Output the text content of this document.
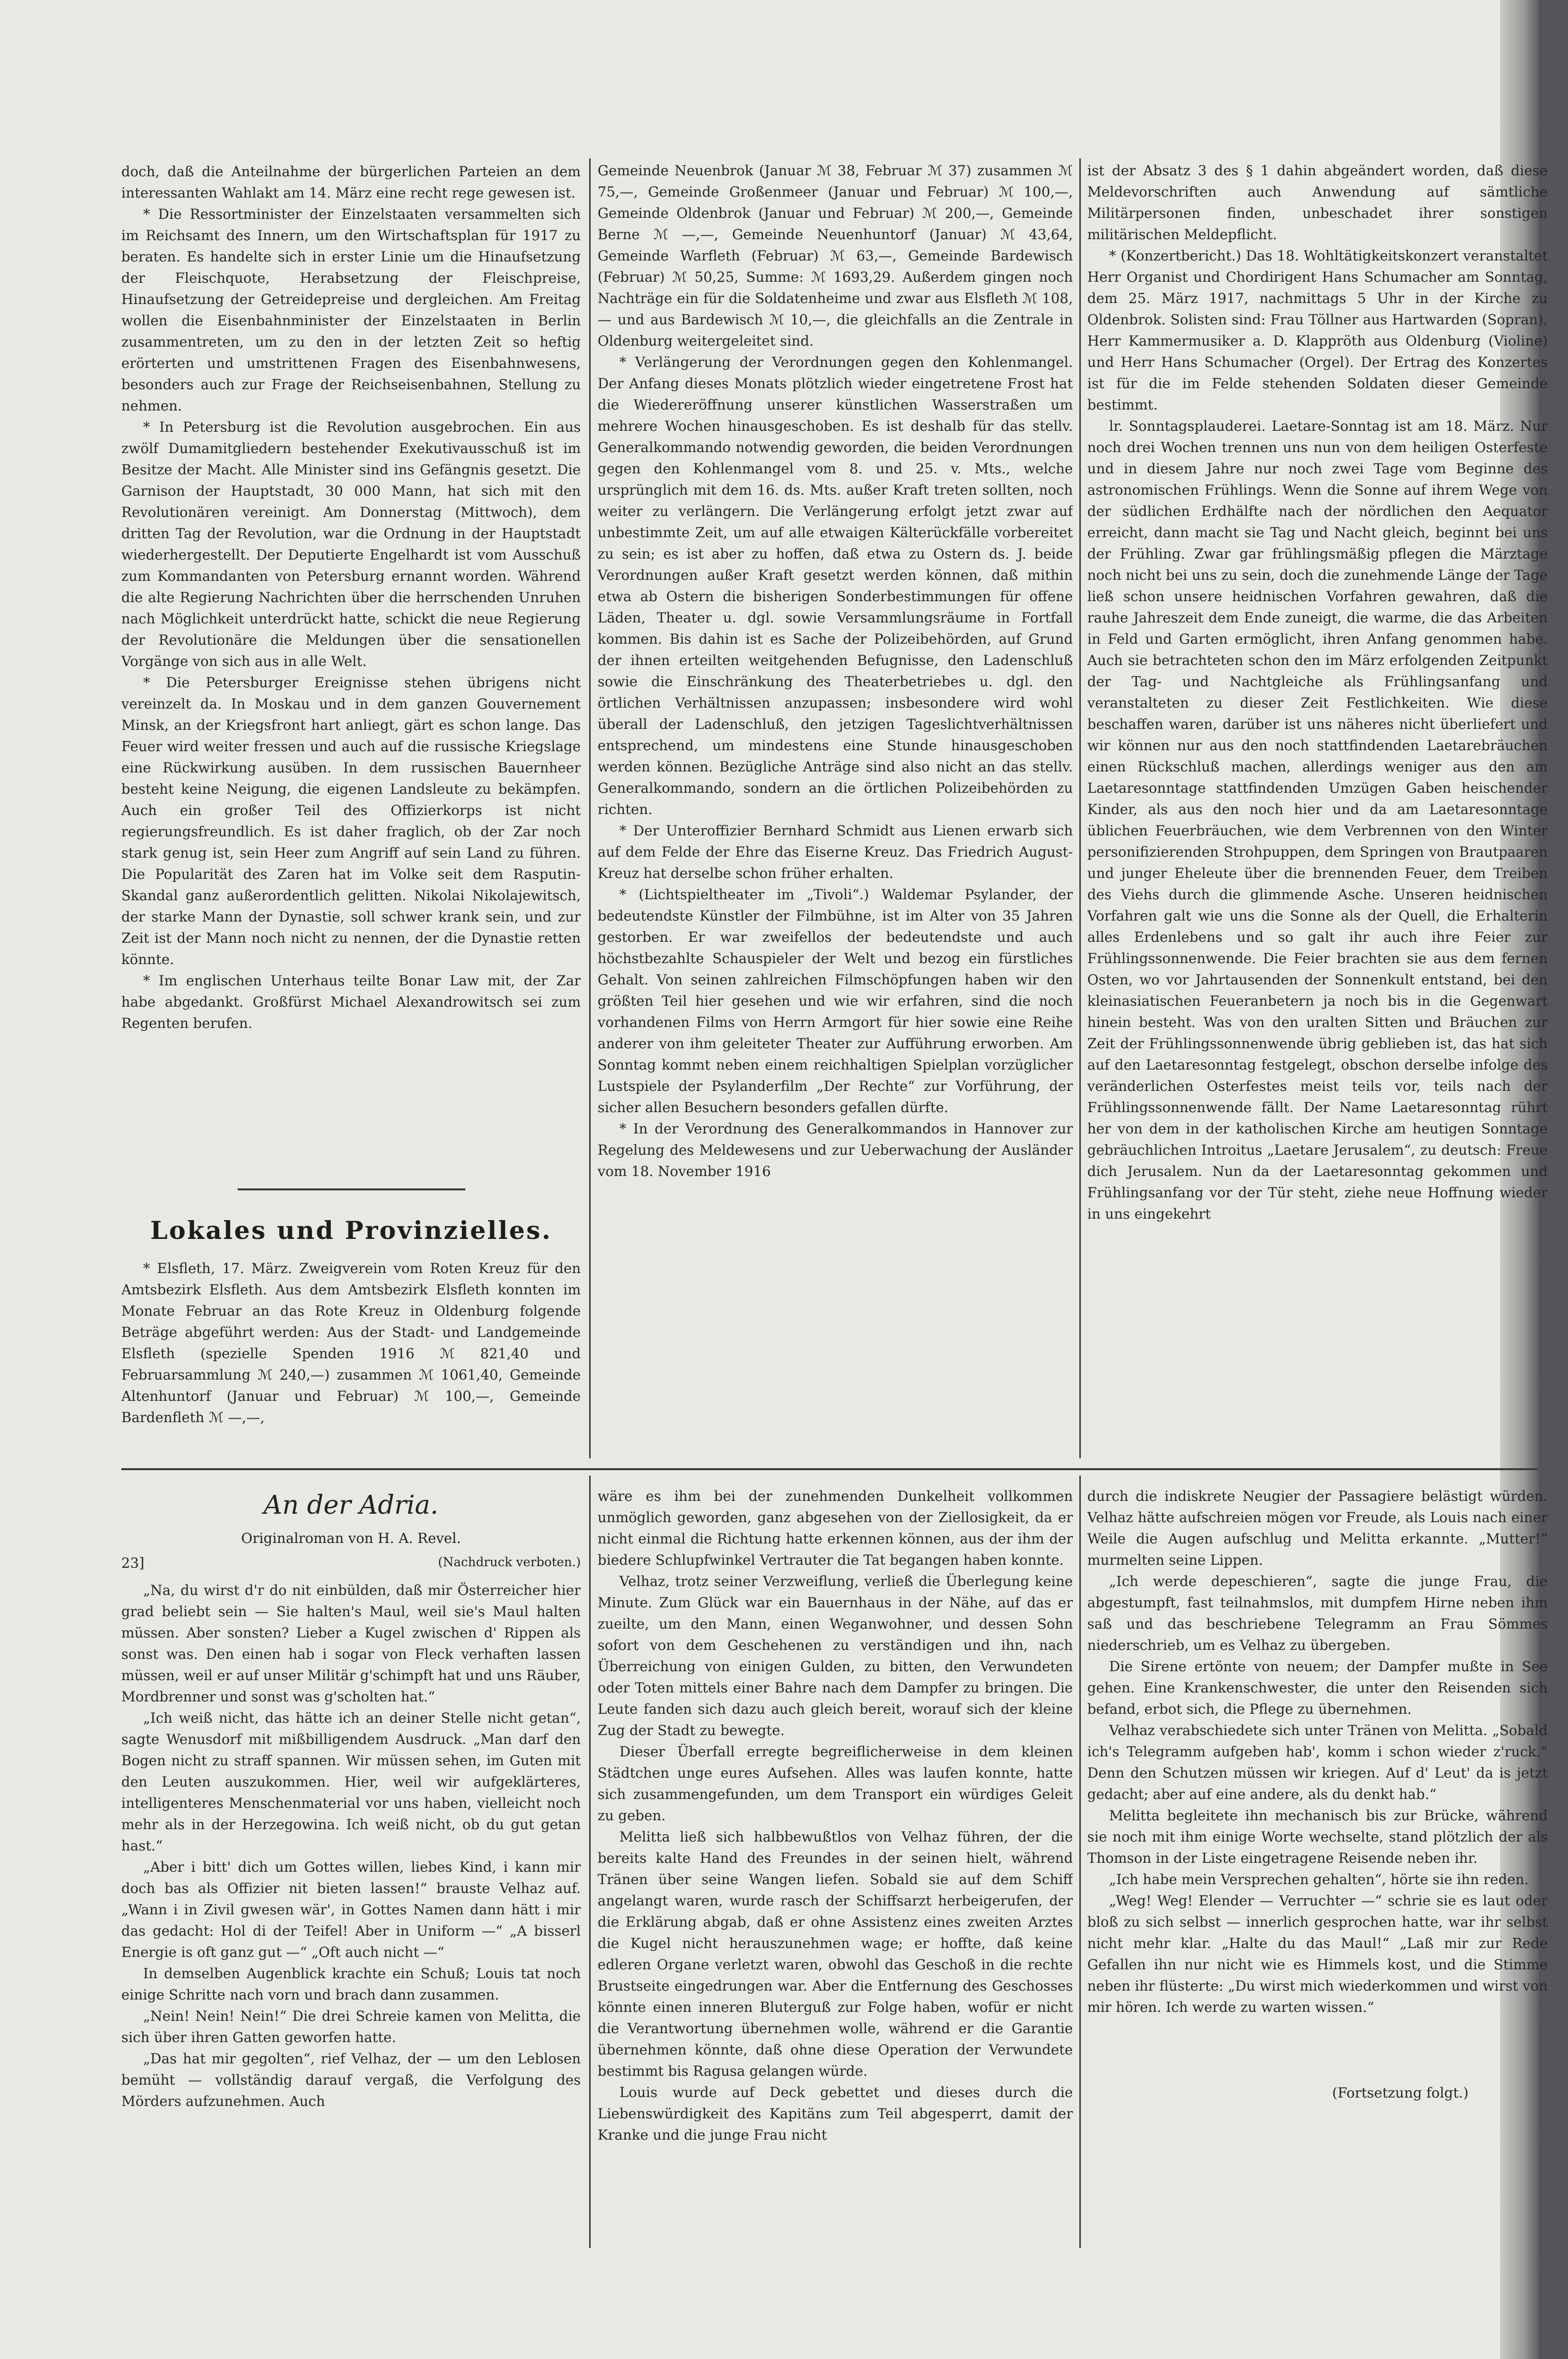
doch, daß die Anteilnahme der bürgerlichen Parteien an dem interessanten Wahlakt am 14. März eine recht rege gewesen ist.

* Die Ressortminister der Einzelstaaten versammelten sich im Reichsamt des Innern, um den Wirtschaftsplan für 1917 zu beraten. Es handelte sich in erster Linie um die Hinaufsetzung der Fleischquote, Herabsetzung der Fleischpreise, Hinaufsetzung der Getreidepreise und dergleichen. Am Freitag wollen die Eisenbahnminister der Einzelstaaten in Berlin zusammentreten, um zu den in der letzten Zeit so heftig erörterten und umstrittenen Fragen des Eisenbahnwesens, besonders auch zur Frage der Reichseisenbahnen, Stellung zu nehmen.

* In Petersburg ist die Revolution ausgebrochen. Ein aus zwölf Dumamitgliedern bestehender Exekutivausschuß ist im Besitze der Macht. Alle Minister sind ins Gefängnis gesetzt. Die Garnison der Hauptstadt, 30 000 Mann, hat sich mit den Revolutionären vereinigt. Am Donnerstag (Mittwoch), dem dritten Tag der Revolution, war die Ordnung in der Hauptstadt wiederhergestellt. Der Deputierte Engelhardt ist vom Ausschuß zum Kommandanten von Petersburg ernannt worden. Während die alte Regierung Nachrichten über die herrschenden Unruhen nach Möglichkeit unterdrückt hatte, schickt die neue Regierung der Revolutionäre die Meldungen über die sensationellen Vorgänge von sich aus in alle Welt.

* Die Petersburger Ereignisse stehen übrigens nicht vereinzelt da. In Moskau und in dem ganzen Gouvernement Minsk, an der Kriegsfront hart anliegt, gärt es schon lange. Das Feuer wird weiter fressen und auch auf die russische Kriegslage eine Rückwirkung ausüben. In dem russischen Bauernheer besteht keine Neigung, die eigenen Landsleute zu bekämpfen. Auch ein großer Teil des Offizierkorps ist nicht regierungsfreundlich. Es ist daher fraglich, ob der Zar noch stark genug ist, sein Heer zum Angriff auf sein Land zu führen. Die Popularität des Zaren hat im Volke seit dem Rasputin-Skandal ganz außerordentlich gelitten. Nikolai Nikolajewitsch, der starke Mann der Dynastie, soll schwer krank sein, und zur Zeit ist der Mann noch nicht zu nennen, der die Dynastie retten könnte.

* Im englischen Unterhaus teilte Bonar Law mit, der Zar habe abgedankt. Großfürst Michael Alexandrowitsch sei zum Regenten berufen.

Lokales und Provinzielles.

* Elsfleth, 17. März. Zweigverein vom Roten Kreuz für den Amtsbezirk Elsfleth. Aus dem Amtsbezirk Elsfleth konnten im Monate Februar an das Rote Kreuz in Oldenburg folgende Beträge abgeführt werden: Aus der Stadt- und Landgemeinde Elsfleth (spezielle Spenden 1916 ℳ 821,40 und Februarsammlung ℳ 240,—) zusammen ℳ 1061,40, Gemeinde Altenhuntorf (Januar und Februar) ℳ 100,—, Gemeinde Bardenfleth ℳ —,—,

Gemeinde Neuenbrok (Januar ℳ 38, Februar ℳ 37) zusammen ℳ 75,—, Gemeinde Großenmeer (Januar und Februar) ℳ 100,—, Gemeinde Oldenbrok (Januar und Februar) ℳ 200,—, Gemeinde Berne ℳ —,—, Gemeinde Neuenhuntorf (Januar) ℳ 43,64, Gemeinde Warfleth (Februar) ℳ 63,—, Gemeinde Bardewisch (Februar) ℳ 50,25, Summe: ℳ 1693,29. Außerdem gingen noch Nachträge ein für die Soldatenheime und zwar aus Elsfleth ℳ 108,— und aus Bardewisch ℳ 10,—, die gleichfalls an die Zentrale in Oldenburg weitergeleitet sind.

* Verlängerung der Verordnungen gegen den Kohlenmangel. Der Anfang dieses Monats plötzlich wieder eingetretene Frost hat die Wiedereröffnung unserer künstlichen Wasserstraßen um mehrere Wochen hinausgeschoben. Es ist deshalb für das stellv. Generalkommando notwendig geworden, die beiden Verordnungen gegen den Kohlenmangel vom 8. und 25. v. Mts., welche ursprünglich mit dem 16. ds. Mts. außer Kraft treten sollten, noch weiter zu verlängern. Die Verlängerung erfolgt jetzt zwar auf unbestimmte Zeit, um auf alle etwaigen Kälterückfälle vorbereitet zu sein; es ist aber zu hoffen, daß etwa zu Ostern ds. J. beide Verordnungen außer Kraft gesetzt werden können, daß mithin etwa ab Ostern die bisherigen Sonderbestimmungen für offene Läden, Theater u. dgl. sowie Versammlungsräume in Fortfall kommen. Bis dahin ist es Sache der Polizeibehörden, auf Grund der ihnen erteilten weitgehenden Befugnisse, den Ladenschluß sowie die Einschränkung des Theaterbetriebes u. dgl. den örtlichen Verhältnissen anzupassen; insbesondere wird wohl überall der Ladenschluß, den jetzigen Tageslichtverhältnissen entsprechend, um mindestens eine Stunde hinausgeschoben werden können. Bezügliche Anträge sind also nicht an das stellv. Generalkommando, sondern an die örtlichen Polizeibehörden zu richten.

* Der Unteroffizier Bernhard Schmidt aus Lienen erwarb sich auf dem Felde der Ehre das Eiserne Kreuz. Das Friedrich August-Kreuz hat derselbe schon früher erhalten.

* (Lichtspieltheater im „Tivoli“.) Waldemar Psylander, der bedeutendste Künstler der Filmbühne, ist im Alter von 35 Jahren gestorben. Er war zweifellos der bedeutendste und auch höchstbezahlte Schauspieler der Welt und bezog ein fürstliches Gehalt. Von seinen zahlreichen Filmschöpfungen haben wir den größten Teil hier gesehen und wie wir erfahren, sind die noch vorhandenen Films von Herrn Armgort für hier sowie eine Reihe anderer von ihm geleiteter Theater zur Aufführung erworben. Am Sonntag kommt neben einem reichhaltigen Spielplan vorzüglicher Lustspiele der Psylanderfilm „Der Rechte“ zur Vorführung, der sicher allen Besuchern besonders gefallen dürfte.

* In der Verordnung des Generalkommandos in Hannover zur Regelung des Meldewesens und zur Ueberwachung der Ausländer vom 18. November 1916

ist der Absatz 3 des § 1 dahin abgeändert worden, daß diese Meldevorschriften auch Anwendung auf sämtliche Militärpersonen finden, unbeschadet ihrer sonstigen militärischen Meldepflicht.

* (Konzertbericht.) Das 18. Wohltätigkeitskonzert veranstaltet Herr Organist und Chordirigent Hans Schumacher am Sonntag, dem 25. März 1917, nachmittags 5 Uhr in der Kirche zu Oldenbrok. Solisten sind: Frau Töllner aus Hartwarden (Sopran), Herr Kammermusiker a. D. Klappröth aus Oldenburg (Violine) und Herr Hans Schumacher (Orgel). Der Ertrag des Konzertes ist für die im Felde stehenden Soldaten dieser Gemeinde bestimmt.

lr. Sonntagsplauderei. Laetare-Sonntag ist am 18. März. Nur noch drei Wochen trennen uns nun von dem heiligen Osterfeste und in diesem Jahre nur noch zwei Tage vom Beginne des astronomischen Frühlings. Wenn die Sonne auf ihrem Wege von der südlichen Erdhälfte nach der nördlichen den Aequator erreicht, dann macht sie Tag und Nacht gleich, beginnt bei uns der Frühling. Zwar gar frühlingsmäßig pflegen die Märztage noch nicht bei uns zu sein, doch die zunehmende Länge der Tage ließ schon unsere heidnischen Vorfahren gewahren, daß die rauhe Jahreszeit dem Ende zuneigt, die warme, die das Arbeiten in Feld und Garten ermöglicht, ihren Anfang genommen habe. Auch sie betrachteten schon den im März erfolgenden Zeitpunkt der Tag- und Nachtgleiche als Frühlingsanfang und veranstalteten zu dieser Zeit Festlichkeiten. Wie diese beschaffen waren, darüber ist uns näheres nicht überliefert und wir können nur aus den noch stattfindenden Laetarebräuchen einen Rückschluß machen, allerdings weniger aus den am Laetaresonntage stattfindenden Umzügen Gaben heischender Kinder, als aus den noch hier und da am Laetaresonntage üblichen Feuerbräuchen, wie dem Verbrennen von den Winter personifizierenden Strohpuppen, dem Springen von Brautpaaren und junger Eheleute über die brennenden Feuer, dem Treiben des Viehs durch die glimmende Asche. Unseren heidnischen Vorfahren galt wie uns die Sonne als der Quell, die Erhalterin alles Erdenlebens und so galt ihr auch ihre Feier zur Frühlingssonnenwende. Die Feier brachten sie aus dem fernen Osten, wo vor Jahrtausenden der Sonnenkult entstand, bei den kleinasiatischen Feueranbetern ja noch bis in die Gegenwart hinein besteht. Was von den uralten Sitten und Bräuchen zur Zeit der Frühlingssonnenwende übrig geblieben ist, das hat sich auf den Laetaresonntag festgelegt, obschon derselbe infolge des veränderlichen Osterfestes meist teils vor, teils nach der Frühlingssonnenwende fällt. Der Name Laetaresonntag rührt her von dem in der katholischen Kirche am heutigen Sonntage gebräuchlichen Introitus „Laetare Jerusalem“, zu deutsch: Freue dich Jerusalem. Nun da der Laetaresonntag gekommen und Frühlingsanfang vor der Tür steht, ziehe neue Hoffnung wieder in uns eingekehrt

An der Adria.
Originalroman von H. A. Revel.
23]	(Nachdruck verboten.)

„Na, du wirst d'r do nit einbülden, daß mir Österreicher hier grad beliebt sein — Sie halten's Maul, weil sie's Maul halten müssen. Aber sonsten? Lieber a Kugel zwischen d' Rippen als sonst was. Den einen hab i sogar von Fleck verhaften lassen müssen, weil er auf unser Militär g'schimpft hat und uns Räuber, Mordbrenner und sonst was g'scholten hat.“

„Ich weiß nicht, das hätte ich an deiner Stelle nicht getan“, sagte Wenusdorf mit mißbilligendem Ausdruck. „Man darf den Bogen nicht zu straff spannen. Wir müssen sehen, im Guten mit den Leuten auszukommen. Hier, weil wir aufgeklärteres, intelligenteres Menschenmaterial vor uns haben, vielleicht noch mehr als in der Herzegowina. Ich weiß nicht, ob du gut getan hast.“

„Aber i bitt' dich um Gottes willen, liebes Kind, i kann mir doch bas als Offizier nit bieten lassen!“ brauste Velhaz auf. „Wann i in Zivil gwesen wär', in Gottes Namen dann hätt i mir das gedacht: Hol di der Teifel! Aber in Uniform —“ „A bisserl Energie is oft ganz gut —“ „Oft auch nicht —“

In demselben Augenblick krachte ein Schuß; Louis tat noch einige Schritte nach vorn und brach dann zusammen.

„Nein! Nein! Nein!“ Die drei Schreie kamen von Melitta, die sich über ihren Gatten geworfen hatte.

„Das hat mir gegolten“, rief Velhaz, der — um den Leblosen bemüht — vollständig darauf vergaß, die Verfolgung des Mörders aufzunehmen. Auch

wäre es ihm bei der zunehmenden Dunkelheit vollkommen unmöglich geworden, ganz abgesehen von der Ziellosigkeit, da er nicht einmal die Richtung hatte erkennen können, aus der ihm der biedere Schlupfwinkel Vertrauter die Tat begangen haben konnte.

Velhaz, trotz seiner Verzweiflung, verließ die Überlegung keine Minute. Zum Glück war ein Bauernhaus in der Nähe, auf das er zueilte, um den Mann, einen Weganwohner, und dessen Sohn sofort von dem Geschehenen zu verständigen und ihn, nach Überreichung von einigen Gulden, zu bitten, den Verwundeten oder Toten mittels einer Bahre nach dem Dampfer zu bringen. Die Leute fanden sich dazu auch gleich bereit, worauf sich der kleine Zug der Stadt zu bewegte.

Dieser Überfall erregte begreiflicherweise in dem kleinen Städtchen unge eures Aufsehen. Alles was laufen konnte, hatte sich zusammengefunden, um dem Transport ein würdiges Geleit zu geben.

Melitta ließ sich halbbewußtlos von Velhaz führen, der die bereits kalte Hand des Freundes in der seinen hielt, während Tränen über seine Wangen liefen. Sobald sie auf dem Schiff angelangt waren, wurde rasch der Schiffsarzt herbeigerufen, der die Erklärung abgab, daß er ohne Assistenz eines zweiten Arztes die Kugel nicht herauszunehmen wage; er hoffte, daß keine edleren Organe verletzt waren, obwohl das Geschoß in die rechte Brustseite eingedrungen war. Aber die Entfernung des Geschosses könnte einen inneren Bluterguß zur Folge haben, wofür er nicht die Verantwortung übernehmen wolle, während er die Garantie übernehmen könnte, daß ohne diese Operation der Verwundete bestimmt bis Ragusa gelangen würde.

Louis wurde auf Deck gebettet und dieses durch die Liebenswürdigkeit des Kapitäns zum Teil abgesperrt, damit der Kranke und die junge Frau nicht

durch die indiskrete Neugier der Passagiere belästigt würden. Velhaz hätte aufschreien mögen vor Freude, als Louis nach einer Weile die Augen aufschlug und Melitta erkannte. „Mutter!“ murmelten seine Lippen.

„Ich werde depeschieren“, sagte die junge Frau, die abgestumpft, fast teilnahmslos, mit dumpfem Hirne neben ihm saß und das beschriebene Telegramm an Frau Sömmes niederschrieb, um es Velhaz zu übergeben.

Die Sirene ertönte von neuem; der Dampfer mußte in See gehen. Eine Krankenschwester, die unter den Reisenden sich befand, erbot sich, die Pflege zu übernehmen.

Velhaz verabschiedete sich unter Tränen von Melitta. „Sobald ich's Telegramm aufgeben hab', komm i schon wieder z'ruck.“ Denn den Schutzen müssen wir kriegen. Auf d' Leut' da is jetzt gedacht; aber auf eine andere, als du denkt hab.“

Melitta begleitete ihn mechanisch bis zur Brücke, während sie noch mit ihm einige Worte wechselte, stand plötzlich der als Thomson in der Liste eingetragene Reisende neben ihr.

„Ich habe mein Versprechen gehalten“, hörte sie ihn reden.

„Weg! Weg! Elender — Verruchter —“ schrie sie es laut oder bloß zu sich selbst — innerlich gesprochen hatte, war ihr selbst nicht mehr klar. „Halte du das Maul!“ „Laß mir zur Rede Gefallen ihn nur nicht wie es Himmels kost, und die Stimme neben ihr flüsterte: „Du wirst mich wiederkommen und wirst von mir hören. Ich werde zu warten wissen.“

(Fortsetzung folgt.)
